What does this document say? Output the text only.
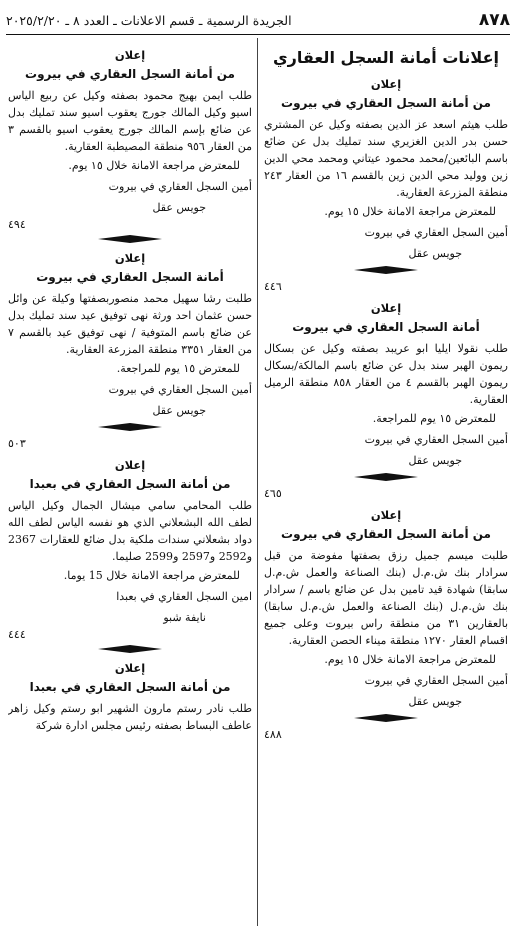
٨٧٨
الجريدة الرسمية ـ قسم الاعلانات ـ العدد ٨ ـ ٢٠٢٥/٢/٢٠
إعلانات أمانة السجل العقاري
إعلان
من أمانة السجل العقاري في بيروت

طلب هيثم اسعد عز الدين بصفته وكيل عن المشتري حسن بدر الدين الغزيري سند تمليك بدل عن ضائع باسم البائعين/محمد محمود عيتاني ومحمد محي الدين زين ووليد محي الدين زين بالقسم ١٦ من العقار ٢٤٣ منطقة المزرعة العقارية.

للمعترض مراجعة الامانة خلال ١٥ يوم.
أمين السجل العقاري في بيروت
جويس عقل
٤٤٦
إعلان
أمانة السجل العقاري في بيروت

طلب نقولا ايليا ابو عريبد بصفته وكيل عن بسكال ريمون الهبر سند بدل عن ضائع باسم المالكة/بسكال ريمون الهبر بالقسم ٤ من العقار ٨٥٨ منطقة الرميل العقارية.

للمعترض ١٥ يوم للمراجعة.
أمين السجل العقاري في بيروت
جويس عقل
٤٦٥
إعلان
من أمانة السجل العقاري في بيروت

طلبت ميسم جميل رزق بصفتها مفوضة من قبل سرادار بنك ش.م.ل (بنك الصناعة والعمل ش.م.ل سابقا) شهادة قيد تامين بدل عن ضائع باسم / سرادار بنك ش.م.ل (بنك الصناعة والعمل ش.م.ل سابقا) بالعقارين ٣١ من منطقة راس بيروت وعلى جميع اقسام العقار ١٢٧٠ منطقة ميناء الحصن العقارية.

للمعترض مراجعة الامانة خلال ١٥ يوم.
أمين السجل العقاري في بيروت
جويس عقل
٤٨٨
إعلان
من أمانة السجل العقاري في بيروت

طلب ايمن بهيج محمود بصفته وكيل عن ربيع الياس اسيو وكيل المالك جورج يعقوب اسيو سند تمليك بدل عن ضائع بإسم المالك جورج يعقوب اسيو بالقسم ٣ من العقار ٩٥٦ منطقة المصيطبة العقارية.

للمعترض مراجعة الامانة خلال ١٥ يوم.
أمين السجل العقاري في بيروت
جويس عقل
٤٩٤
إعلان
أمانة السجل العقاري في بيروت

طلبت رشا سهيل محمد منصوربصفتها وكيلة عن وائل حسن عثمان احد ورثة نهى توفيق عيد سند تمليك بدل عن ضائع باسم المتوفية / نهى توفيق عيد بالقسم ٧ من العقار ٣٣٥١ منطقة المزرعة العقارية.

للمعترض ١٥ يوم للمراجعة.
أمين السجل العقاري في بيروت
جويس عقل
٥٠٣
إعلان
من أمانة السجل العقاري في بعبدا

طلب المحامي سامي ميشال الجمال وكيل الياس لطف الله البشعلاني الذي هو نفسه الياس لطف الله دواد بشعلاني سندات ملكية بدل ضائع للعقارات 2367 و2592 و2597 و2599 صليما.

للمعترض مراجعة الامانة خلال 15 يوما.
امين السجل العقاري في بعبدا
نايفة شبو
٤٤٤
إعلان
من أمانة السجل العقاري في بعبدا

طلب نادر رستم مارون الشهير ابو رستم وكيل زاهر عاطف البساط بصفته رئيس مجلس ادارة شركة
